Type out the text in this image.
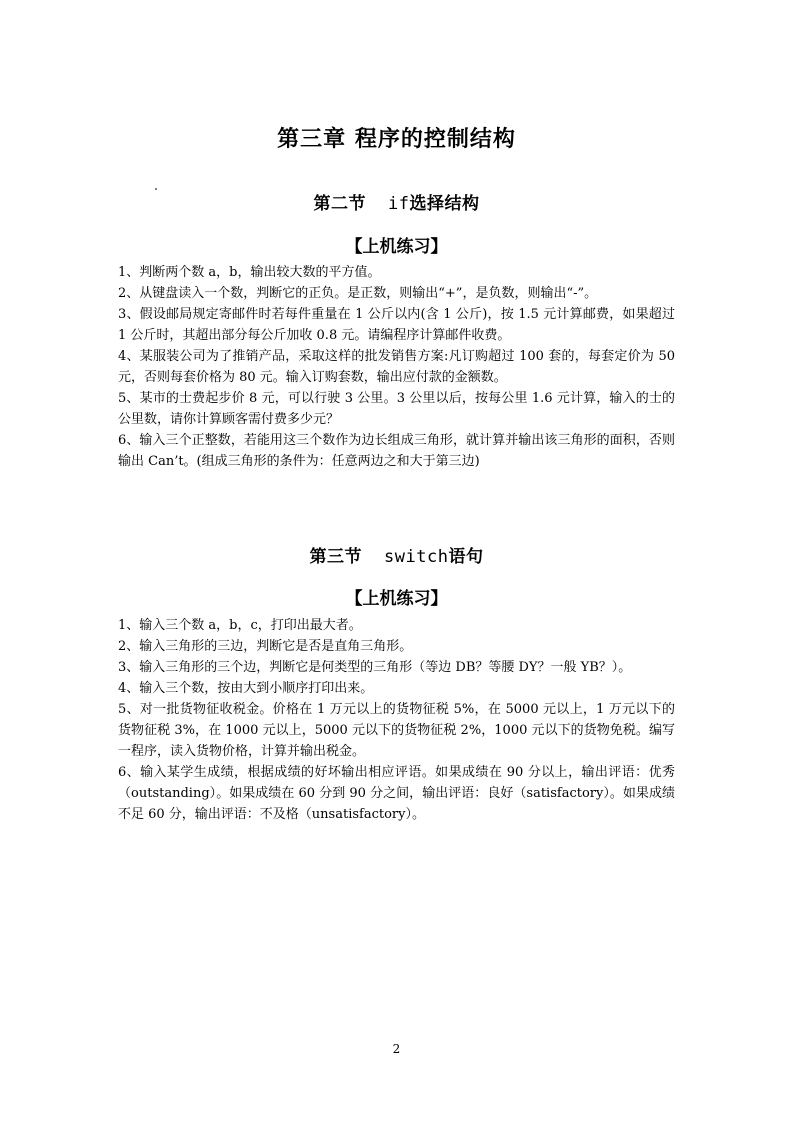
第三章 程序的控制结构
第二节 if选择结构
【上机练习】

1、判断两个数 a，b，输出较大数的平方值。

2、从键盘读入一个数，判断它的正负。是正数，则输出“+”，是负数，则输出“-”。

3、假设邮局规定寄邮件时若每件重量在 1 公斤以内(含 1 公斤)，按 1.5 元计算邮费，如果超过 1 公斤时，其超出部分每公斤加收 0.8 元。请编程序计算邮件收费。

4、某服装公司为了推销产品，采取这样的批发销售方案:凡订购超过 100 套的，每套定价为 50 元，否则每套价格为 80 元。输入订购套数，输出应付款的金额数。

5、某市的士费起步价 8 元，可以行驶 3 公里。3 公里以后，按每公里 1.6 元计算，输入的士的公里数，请你计算顾客需付费多少元？

6、输入三个正整数，若能用这三个数作为边长组成三角形，就计算并输出该三角形的面积，否则输出 Can’t。(组成三角形的条件为：任意两边之和大于第三边)

第三节 switch语句
【上机练习】

1、输入三个数 a，b，c，打印出最大者。

2、输入三角形的三边，判断它是否是直角三角形。

3、输入三角形的三个边，判断它是何类型的三角形（等边 DB？等腰 DY？一般 YB？）。

4、输入三个数，按由大到小顺序打印出来。

5、对一批货物征收税金。价格在 1 万元以上的货物征税 5%，在 5000 元以上，1 万元以下的货物征税 3%，在 1000 元以上，5000 元以下的货物征税 2%，1000 元以下的货物免税。编写一程序，读入货物价格，计算并输出税金。

6、输入某学生成绩，根据成绩的好坏输出相应评语。如果成绩在 90 分以上，输出评语：优秀（outstanding）。如果成绩在 60 分到 90 分之间，输出评语：良好（satisfactory）。如果成绩不足 60 分，输出评语：不及格（unsatisfactory）。

2
